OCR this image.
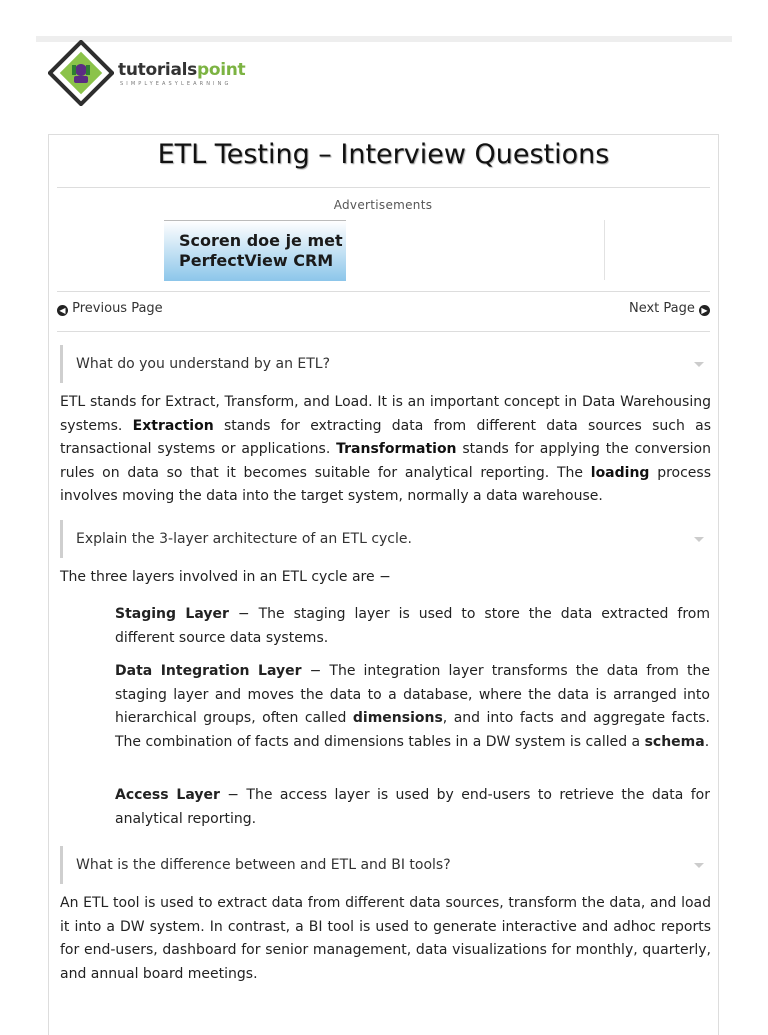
tutorialspoint
SIMPLYEASYLEARNING
ETL Testing – Interview Questions
Advertisements
Scoren doe je met
PerfectView CRM
◀ Previous Page	Next Page ▶
What do you understand by an ETL?
ETL stands for Extract, Transform, and Load. It is an important concept in Data Warehousing systems. Extraction stands for extracting data from different data sources such as transactional systems or applications. Transformation stands for applying the conversion rules on data so that it becomes suitable for analytical reporting. The loading process involves moving the data into the target system, normally a data warehouse.
Explain the 3-layer architecture of an ETL cycle.
The three layers involved in an ETL cycle are −
Staging Layer − The staging layer is used to store the data extracted from different source data systems.
Data Integration Layer − The integration layer transforms the data from the staging layer and moves the data to a database, where the data is arranged into hierarchical groups, often called dimensions, and into facts and aggregate facts. The combination of facts and dimensions tables in a DW system is called a schema.
Access Layer − The access layer is used by end-users to retrieve the data for analytical reporting.
What is the difference between and ETL and BI tools?
An ETL tool is used to extract data from different data sources, transform the data, and load it into a DW system. In contrast, a BI tool is used to generate interactive and adhoc reports for end-users, dashboard for senior management, data visualizations for monthly, quarterly, and annual board meetings.
